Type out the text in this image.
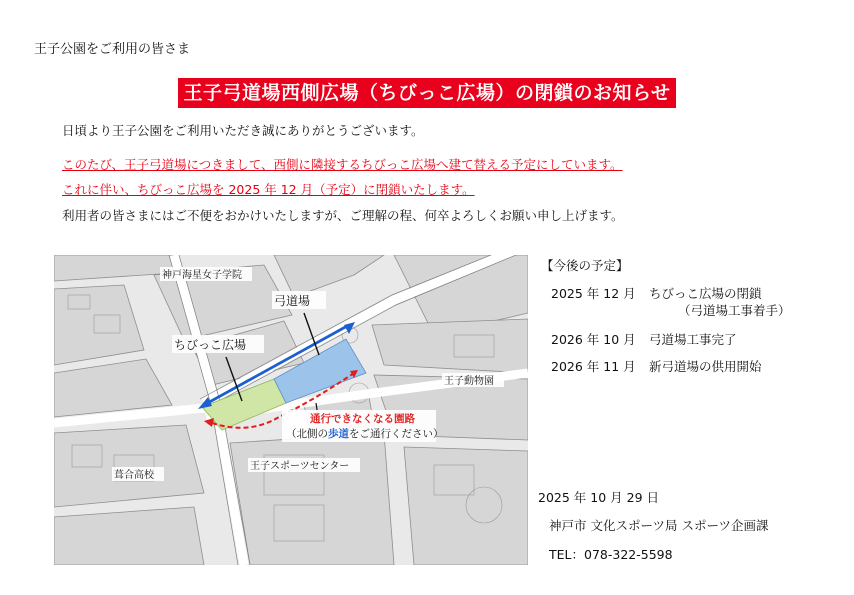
王子公園をご利用の皆さま
王子弓道場西側広場（ちびっこ広場）の閉鎖のお知らせ
日頃より王子公園をご利用いただき誠にありがとうございます。
このたび、王子弓道場につきまして、西側に隣接するちびっこ広場へ建て替える予定にしています。
これに伴い、ちびっこ広場を 2025 年 12 月（予定）に閉鎖いたします。
利用者の皆さまにはご不便をおかけいたしますが、ご理解の程、何卒よろしくお願い申し上げます。
神戸海星女子学院
弓道場
ちびっこ広場
王子動物園
通行できなくなる園路
（北側の歩道をご通行ください）
葺合高校
王子スポーツセンター
【今後の予定】
2025 年 12 月 ちびっこ広場の閉鎖
（弓道場工事着手）
2026 年 10 月 弓道場工事完了
2026 年 11 月 新弓道場の供用開始
2025 年 10 月 29 日
神戸市 文化スポーツ局 スポーツ企画課
TEL：078-322-5598
